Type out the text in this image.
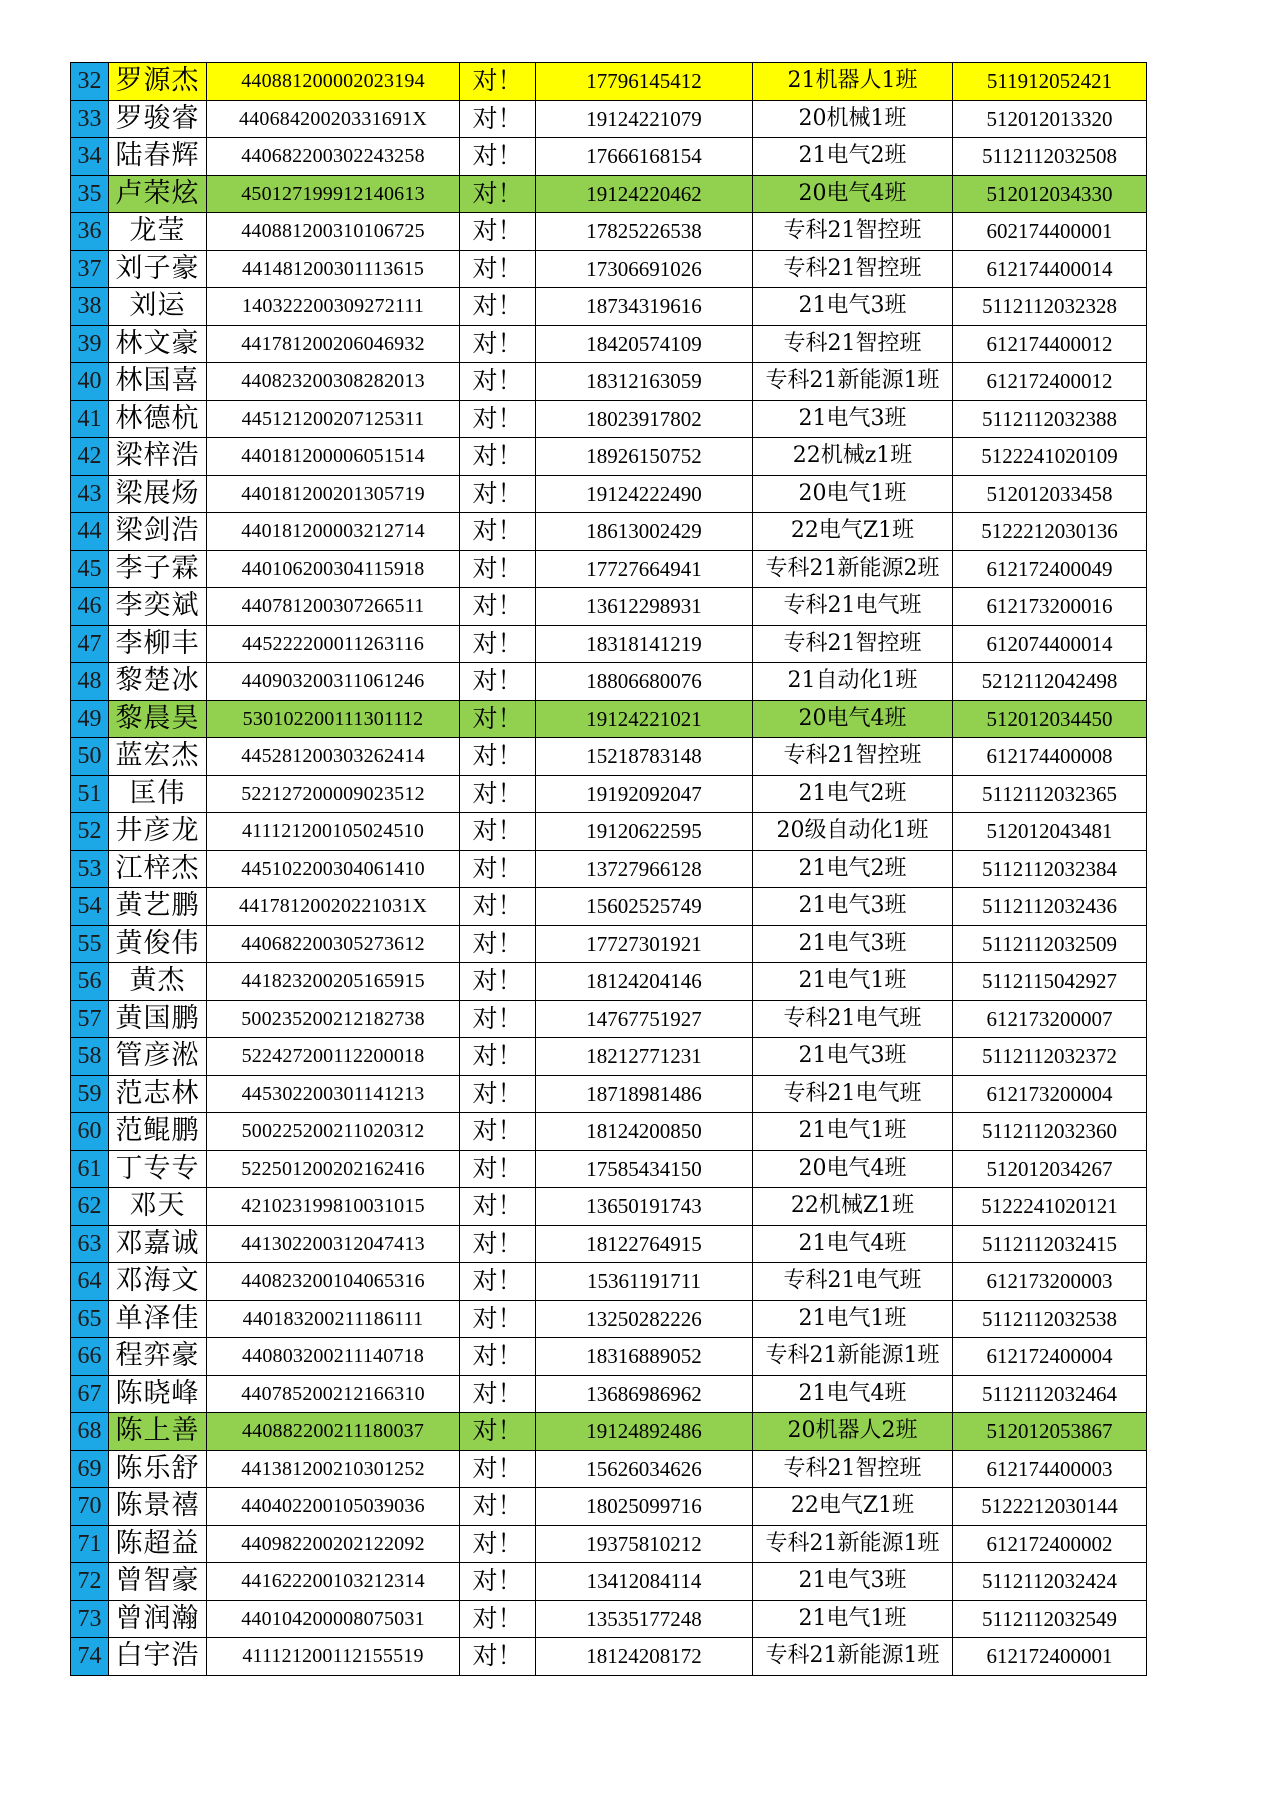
32	罗源杰	440881200002023194	对！	17796145412	21机器人1班	511912052421
33	罗骏睿	44068420020331691X	对！	19124221079	20机械1班	512012013320
34	陆春辉	440682200302243258	对！	17666168154	21电气2班	5112112032508
35	卢荣炫	450127199912140613	对！	19124220462	20电气4班	512012034330
36	龙莹	440881200310106725	对！	17825226538	专科21智控班	602174400001
37	刘子豪	441481200301113615	对！	17306691026	专科21智控班	612174400014
38	刘运	140322200309272111	对！	18734319616	21电气3班	5112112032328
39	林文豪	441781200206046932	对！	18420574109	专科21智控班	612174400012
40	林国喜	440823200308282013	对！	18312163059	专科21新能源1班	612172400012
41	林德杭	445121200207125311	对！	18023917802	21电气3班	5112112032388
42	梁梓浩	440181200006051514	对！	18926150752	22机械z1班	5122241020109
43	梁展炀	440181200201305719	对！	19124222490	20电气1班	512012033458
44	梁剑浩	440181200003212714	对！	18613002429	22电气Z1班	5122212030136
45	李子霖	440106200304115918	对！	17727664941	专科21新能源2班	612172400049
46	李奕斌	440781200307266511	对！	13612298931	专科21电气班	612173200016
47	李柳丰	445222200011263116	对！	18318141219	专科21智控班	612074400014
48	黎楚冰	440903200311061246	对！	18806680076	21自动化1班	5212112042498
49	黎晨昊	530102200111301112	对！	19124221021	20电气4班	512012034450
50	蓝宏杰	445281200303262414	对！	15218783148	专科21智控班	612174400008
51	匡伟	522127200009023512	对！	19192092047	21电气2班	5112112032365
52	井彦龙	411121200105024510	对！	19120622595	20级自动化1班	512012043481
53	江梓杰	445102200304061410	对！	13727966128	21电气2班	5112112032384
54	黄艺鹏	44178120020221031X	对！	15602525749	21电气3班	5112112032436
55	黄俊伟	440682200305273612	对！	17727301921	21电气3班	5112112032509
56	黄杰	441823200205165915	对！	18124204146	21电气1班	5112115042927
57	黄国鹏	500235200212182738	对！	14767751927	专科21电气班	612173200007
58	管彦淞	522427200112200018	对！	18212771231	21电气3班	5112112032372
59	范志林	445302200301141213	对！	18718981486	专科21电气班	612173200004
60	范鲲鹏	500225200211020312	对！	18124200850	21电气1班	5112112032360
61	丁专专	522501200202162416	对！	17585434150	20电气4班	512012034267
62	邓天	421023199810031015	对！	13650191743	22机械Z1班	5122241020121
63	邓嘉诚	441302200312047413	对！	18122764915	21电气4班	5112112032415
64	邓海文	440823200104065316	对！	15361191711	专科21电气班	612173200003
65	单泽佳	440183200211186111	对！	13250282226	21电气1班	5112112032538
66	程弈豪	440803200211140718	对！	18316889052	专科21新能源1班	612172400004
67	陈晓峰	440785200212166310	对！	13686986962	21电气4班	5112112032464
68	陈上善	440882200211180037	对！	19124892486	20机器人2班	512012053867
69	陈乐舒	441381200210301252	对！	15626034626	专科21智控班	612174400003
70	陈景禧	440402200105039036	对！	18025099716	22电气Z1班	5122212030144
71	陈超益	440982200202122092	对！	19375810212	专科21新能源1班	612172400002
72	曾智豪	441622200103212314	对！	13412084114	21电气3班	5112112032424
73	曾润瀚	440104200008075031	对！	13535177248	21电气1班	5112112032549
74	白宇浩	411121200112155519	对！	18124208172	专科21新能源1班	612172400001
